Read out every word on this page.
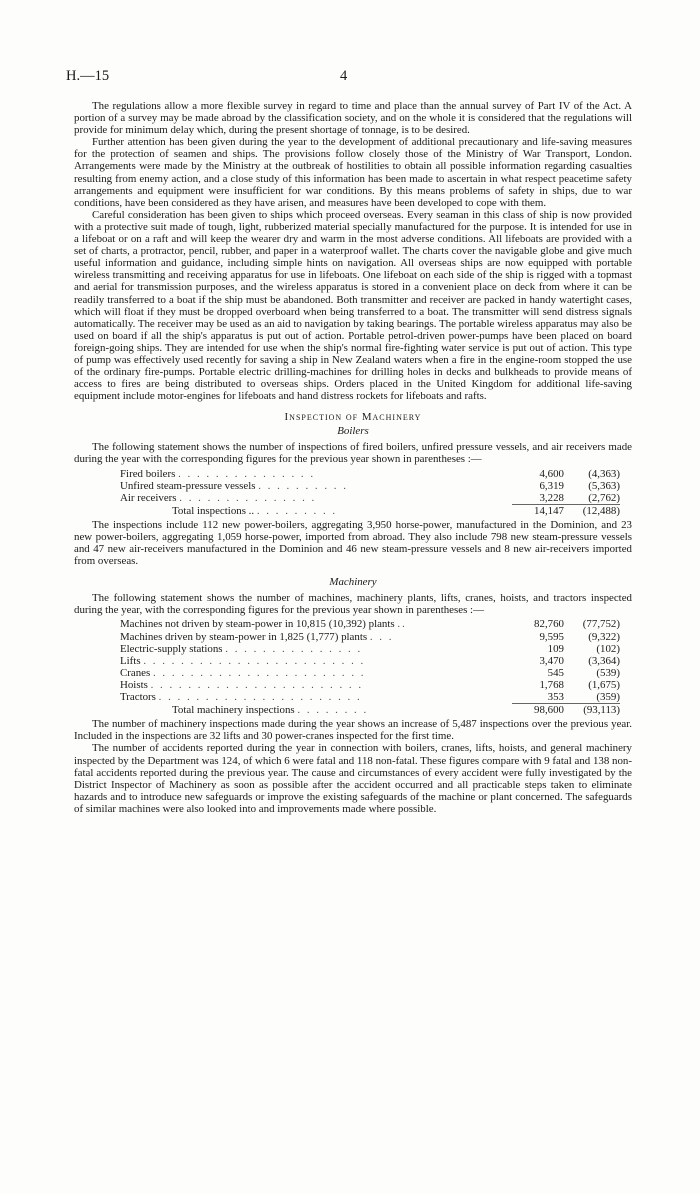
H.—15	4

The regulations allow a more flexible survey in regard to time and place than the annual survey of Part IV of the Act. A portion of a survey may be made abroad by the classification society, and on the whole it is considered that the regulations will provide for minimum delay which, during the present shortage of tonnage, is to be desired.

Further attention has been given during the year to the development of additional precautionary and life-saving measures for the protection of seamen and ships. The provisions follow closely those of the Ministry of War Transport, London. Arrangements were made by the Ministry at the outbreak of hostilities to obtain all possible information regarding casualties resulting from enemy action, and a close study of this information has been made to ascertain in what respect peacetime safety arrangements and equipment were insufficient for war conditions. By this means problems of safety in ships, due to war conditions, have been considered as they have arisen, and measures have been developed to cope with them.

Careful consideration has been given to ships which proceed overseas. Every seaman in this class of ship is now provided with a protective suit made of tough, light, rubberized material specially manufactured for the purpose. It is intended for use in a lifeboat or on a raft and will keep the wearer dry and warm in the most adverse conditions. All lifeboats are provided with a set of charts, a protractor, pencil, rubber, and paper in a waterproof wallet. The charts cover the navigable globe and give much useful information and guidance, including simple hints on navigation. All overseas ships are now equipped with portable wireless transmitting and receiving apparatus for use in lifeboats. One lifeboat on each side of the ship is rigged with a topmast and aerial for transmission purposes, and the wireless apparatus is stored in a convenient place on deck from where it can be readily transferred to a boat if the ship must be abandoned. Both transmitter and receiver are packed in handy watertight cases, which will float if they must be dropped overboard when being transferred to a boat. The transmitter will send distress signals automatically. The receiver may be used as an aid to navigation by taking bearings. The portable wireless apparatus may also be used on board if all the ship's apparatus is put out of action. Portable petrol-driven power-pumps have been placed on board foreign-going ships. They are intended for use when the ship's normal fire-fighting water service is put out of action. This type of pump was effectively used recently for saving a ship in New Zealand waters when a fire in the engine-room stopped the use of the ordinary fire-pumps. Portable electric drilling-machines for drilling holes in decks and bulkheads to provide means of access to fires are being distributed to overseas ships. Orders placed in the United Kingdom for additional life-saving equipment include motor-engines for lifeboats and hand distress rockets for lifeboats and rafts.

Inspection of Machinery
Boilers

The following statement shows the number of inspections of fired boilers, unfired pressure vessels, and air receivers made during the year with the corresponding figures for the previous year shown in parentheses :—

Fired boilers . . . . . . . . . . . . . . .	4,600	(4,363)
Unfired steam-pressure vessels . . . . . . . . . .	6,319	(5,363)
Air receivers . . . . . . . . . . . . . . .	3,228	(2,762)
Total inspections .. . . . . . . . . .	14,147	(12,488)

The inspections include 112 new power-boilers, aggregating 3,950 horse-power, manufactured in the Dominion, and 23 new power-boilers, aggregating 1,059 horse-power, imported from abroad. They also include 798 new steam-pressure vessels and 47 new air-receivers manufactured in the Dominion and 46 new steam-pressure vessels and 8 new air-receivers imported from overseas.

Machinery

The following statement shows the number of machines, machinery plants, lifts, cranes, hoists, and tractors inspected during the year, with the corresponding figures for the previous year shown in parentheses :—

Machines not driven by steam-power in 10,815 (10,392) plants ..	82,760	(77,752)
Machines driven by steam-power in 1,825 (1,777) plants . . .	9,595	(9,322)
Electric-supply stations . . . . . . . . . . . . . . .	109	(102)
Lifts . . . . . . . . . . . . . . . . . . . . . . . .	3,470	(3,364)
Cranes . . . . . . . . . . . . . . . . . . . . . . .	545	(539)
Hoists . . . . . . . . . . . . . . . . . . . . . . .	1,768	(1,675)
Tractors . . . . . . . . . . . . . . . . . . . . . .	353	(359)
Total machinery inspections . . . . . . . .	98,600	(93,113)

The number of machinery inspections made during the year shows an increase of 5,487 inspections over the previous year. Included in the inspections are 32 lifts and 30 power-cranes inspected for the first time.

The number of accidents reported during the year in connection with boilers, cranes, lifts, hoists, and general machinery inspected by the Department was 124, of which 6 were fatal and 118 non-fatal. These figures compare with 9 fatal and 138 non-fatal accidents reported during the previous year. The cause and circumstances of every accident were fully investigated by the District Inspector of Machinery as soon as possible after the accident occurred and all practicable steps taken to eliminate hazards and to introduce new safeguards or improve the existing safeguards of the machine or plant concerned. The safeguards of similar machines were also looked into and improvements made where possible.
